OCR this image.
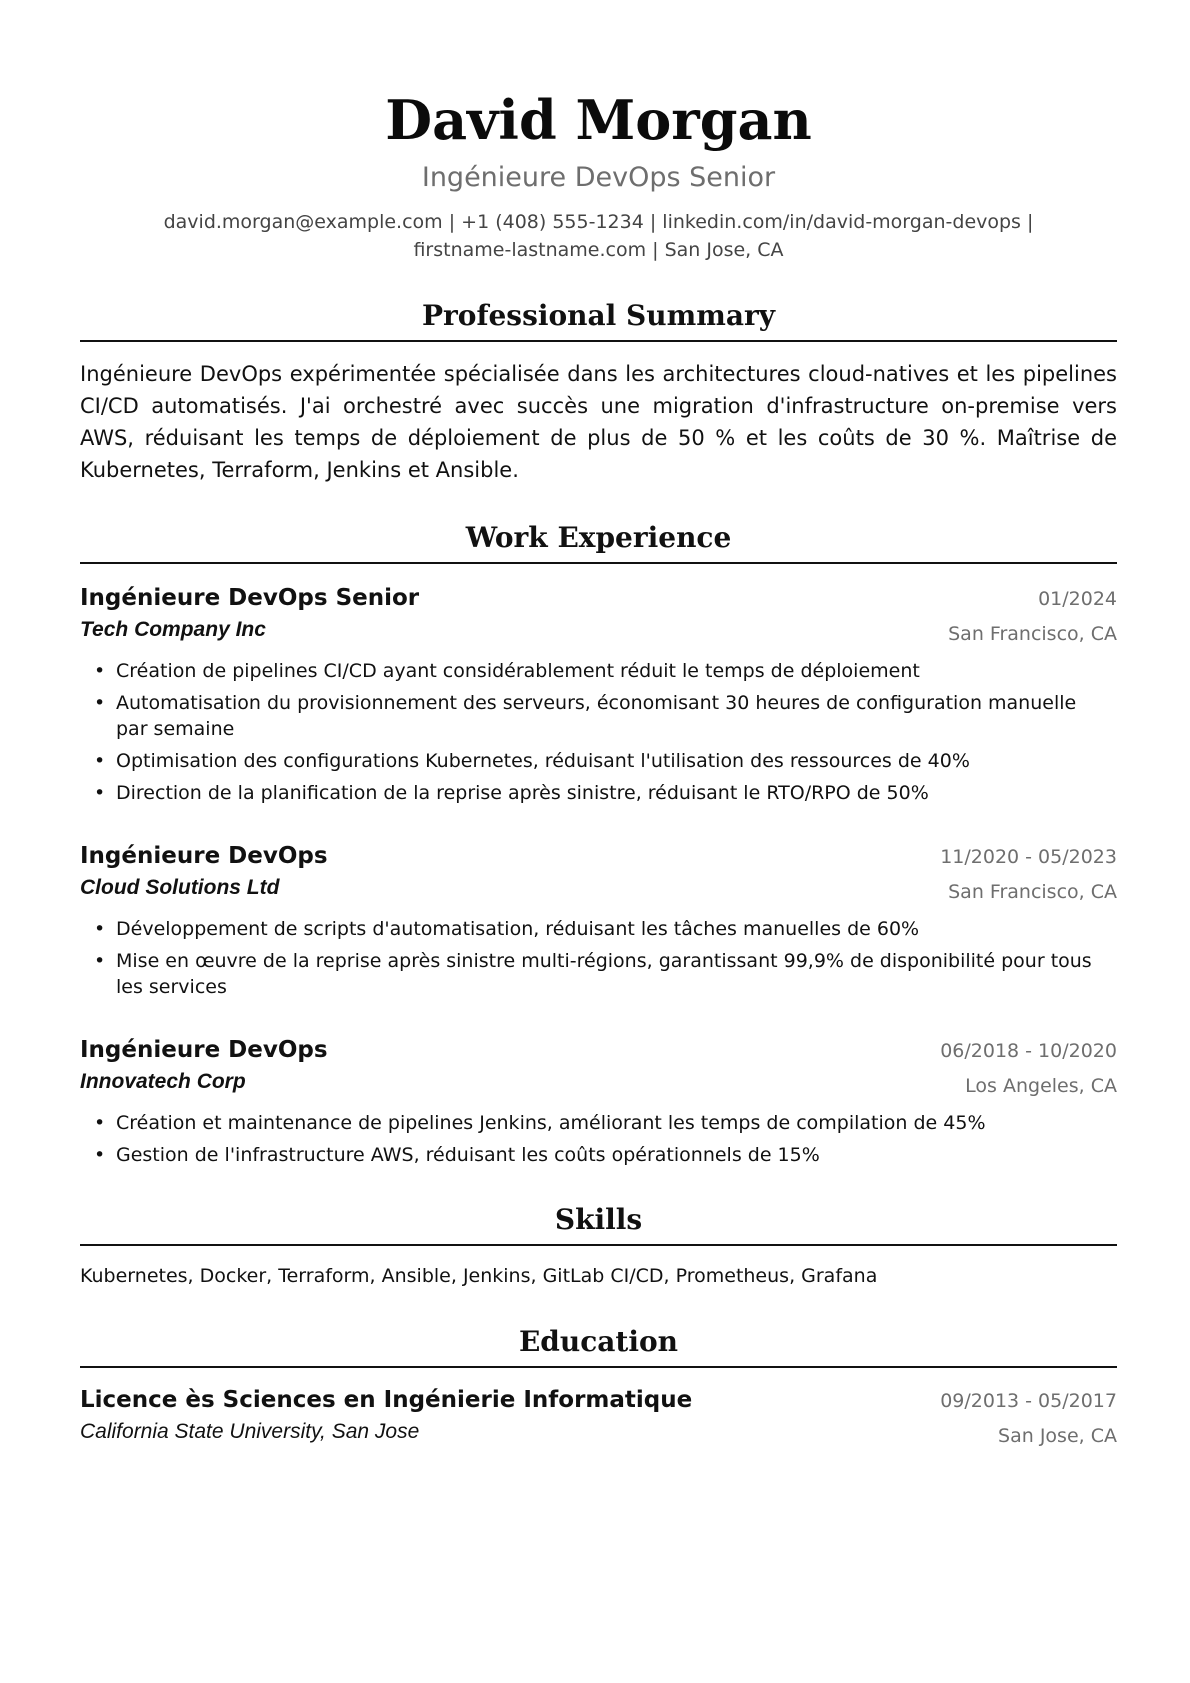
David Morgan
Ingénieure DevOps Senior
david.morgan@example.com | +1 (408) 555-1234 | linkedin.com/in/david-morgan-devops |
firstname-lastname.com | San Jose, CA
Professional Summary
Ingénieure DevOps expérimentée spécialisée dans les architectures cloud-natives et les pipelines CI/CD automatisés. J'ai orchestré avec succès une migration d'infrastructure on-premise vers AWS, réduisant les temps de déploiement de plus de 50 % et les coûts de 30 %. Maîtrise de Kubernetes, Terraform, Jenkins et Ansible.
Work Experience
Ingénieure DevOps Senior	01/2024
Tech Company Inc	San Francisco, CA
• Création de pipelines CI/CD ayant considérablement réduit le temps de déploiement
• Automatisation du provisionnement des serveurs, économisant 30 heures de configuration manuelle par semaine
• Optimisation des configurations Kubernetes, réduisant l'utilisation des ressources de 40%
• Direction de la planification de la reprise après sinistre, réduisant le RTO/RPO de 50%
Ingénieure DevOps	11/2020 - 05/2023
Cloud Solutions Ltd	San Francisco, CA
• Développement de scripts d'automatisation, réduisant les tâches manuelles de 60%
• Mise en œuvre de la reprise après sinistre multi-régions, garantissant 99,9% de disponibilité pour tous les services
Ingénieure DevOps	06/2018 - 10/2020
Innovatech Corp	Los Angeles, CA
• Création et maintenance de pipelines Jenkins, améliorant les temps de compilation de 45%
• Gestion de l'infrastructure AWS, réduisant les coûts opérationnels de 15%
Skills
Kubernetes, Docker, Terraform, Ansible, Jenkins, GitLab CI/CD, Prometheus, Grafana
Education
Licence ès Sciences en Ingénierie Informatique	09/2013 - 05/2017
California State University, San Jose	San Jose, CA
